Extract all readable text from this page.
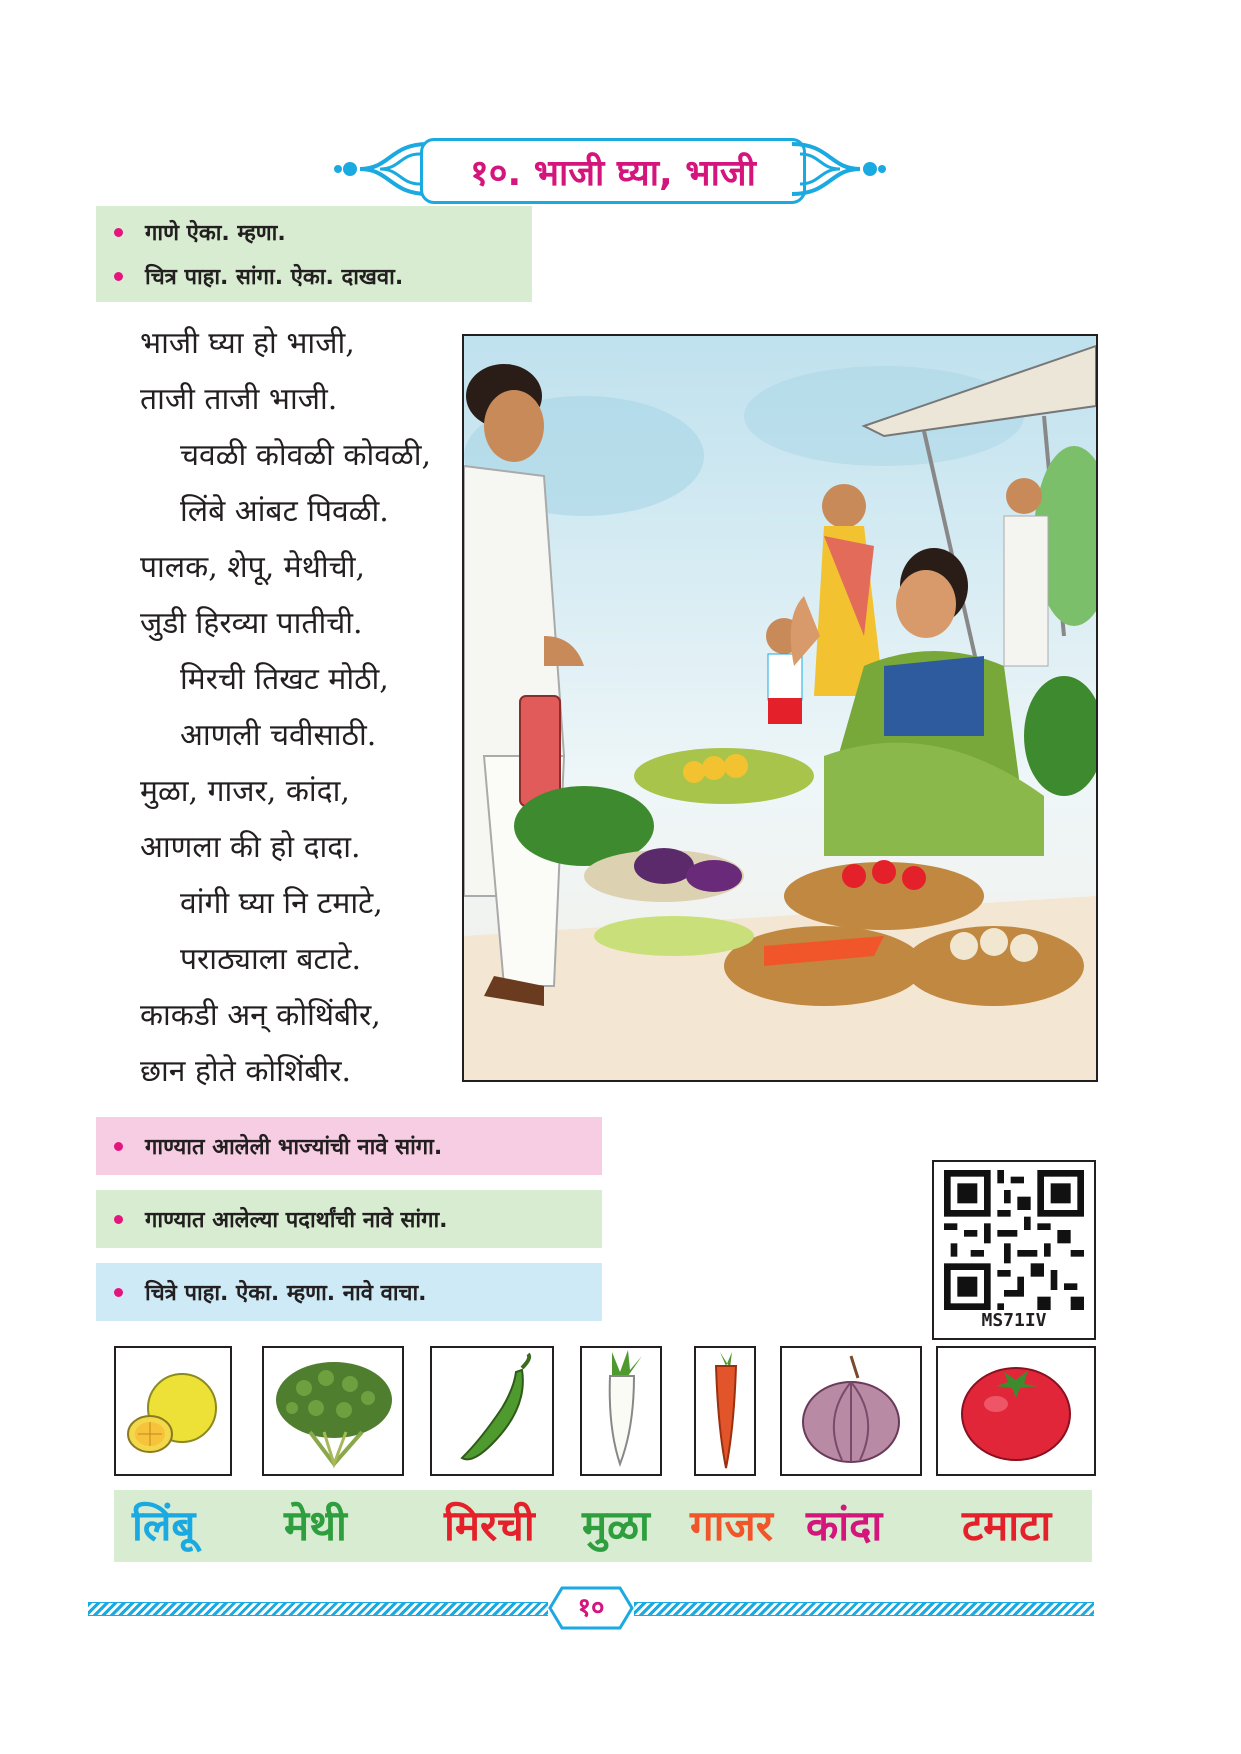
१०. भाजी घ्या, भाजी
गाणे ऐका. म्हणा.
चित्र पाहा. सांगा. ऐका. दाखवा.
भाजी घ्या हो भाजी,
ताजी ताजी भाजी.
चवळी कोवळी कोवळी,
लिंबे आंबट पिवळी.
पालक, शेपू, मेथीची,
जुडी हिरव्या पातीची.
मिरची तिखट मोठी,
आणली चवीसाठी.
मुळा, गाजर, कांदा,
आणला की हो दादा.
वांगी घ्या नि टमाटे,
पराठ्याला बटाटे.
काकडी अन् कोथिंबीर,
छान होते कोशिंबीर.
गाण्यात आलेली भाज्यांची नावे सांगा.
गाण्यात आलेल्या पदार्थांची नावे सांगा.
चित्रे पाहा. ऐका. म्हणा. नावे वाचा.
MS71IV
लिंबू मेथी मिरची मुळा गाजर कांदा टमाटा
१०
